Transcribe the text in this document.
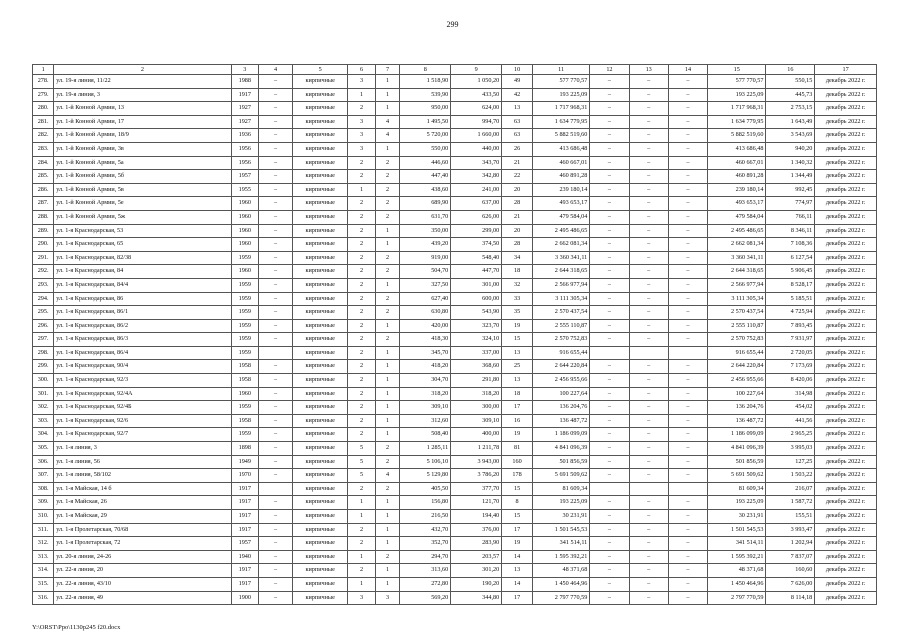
299
1	2	3	4	5	6	7	8	9	10	11	12	13	14	15	16	17
278.	ул. 19-я линия, 11/22	1988	–	кирпичные	3	1	1 518,90	1 050,20	49	577 770,57	–	–	–	577 770,57	550,15	декабрь 2022 г.
279.	ул. 19-я линия, 3	1917	–	кирпичные	1	1	539,90	433,50	42	193 225,09	–	–	–	193 225,09	445,73	декабрь 2022 г.
280.	ул. 1-й Конной Армии, 13	1927	–	кирпичные	2	1	950,00	624,00	13	1 717 968,31	–	–	–	1 717 968,31	2 753,15	декабрь 2022 г.
281.	ул. 1-й Конной Армии, 17	1927	–	кирпичные	3	4	1 495,50	994,70	63	1 634 779,95	–	–	–	1 634 779,95	1 643,49	декабрь 2022 г.
282.	ул. 1-й Конной Армии, 18/9	1936	–	кирпичные	3	4	5 720,00	1 660,00	63	5 882 519,60	–	–	–	5 882 519,60	3 543,69	декабрь 2022 г.
283.	ул. 1-й Конной Армии, 3в	1956	–	кирпичные	3	1	550,00	440,00	26	413 686,48	–	–	–	413 686,48	940,20	декабрь 2022 г.
284.	ул. 1-й Конной Армии, 5а	1956	–	кирпичные	2	2	446,60	343,70	21	460 667,01	–	–	–	460 667,01	1 340,32	декабрь 2022 г.
285.	ул. 1-й Конной Армии, 5б	1957	–	кирпичные	2	2	447,40	342,80	22	460 891,28	–	–	–	460 891,28	1 344,49	декабрь 2022 г.
286.	ул. 1-й Конной Армии, 5в	1955	–	кирпичные	1	2	438,60	241,00	20	239 180,14	–	–	–	239 180,14	992,45	декабрь 2022 г.
287.	ул. 1-й Конной Армии, 5е	1960	–	кирпичные	2	2	689,90	637,00	28	493 653,17	–	–	–	493 653,17	774,97	декабрь 2022 г.
288.	ул. 1-й Конной Армии, 5ж	1960	–	кирпичные	2	2	631,70	626,00	21	479 584,04	–	–	–	479 584,04	766,11	декабрь 2022 г.
289.	ул. 1-я Краснодарская, 53	1960	–	кирпичные	2	1	350,00	299,00	20	2 495 486,65	–	–	–	2 495 486,65	8 346,11	декабрь 2022 г.
290.	ул. 1-я Краснодарская, 65	1960	–	кирпичные	2	1	439,20	374,50	28	2 662 081,34	–	–	–	2 662 081,34	7 108,36	декабрь 2022 г.
291.	ул. 1-я Краснодарская, 82/38	1959	–	кирпичные	2	2	919,00	548,40	34	3 360 341,11	–	–	–	3 360 341,11	6 127,54	декабрь 2022 г.
292.	ул. 1-я Краснодарская, 84	1960	–	кирпичные	2	2	504,70	447,70	18	2 644 318,65	–	–	–	2 644 318,65	5 906,45	декабрь 2022 г.
293.	ул. 1-я Краснодарская, 84/4	1959	–	кирпичные	2	1	327,50	301,00	32	2 566 977,94	–	–	–	2 566 977,94	8 528,17	декабрь 2022 г.
294.	ул. 1-я Краснодарская, 86	1959	–	кирпичные	2	2	627,40	600,00	33	3 111 305,34	–	–	–	3 111 305,34	5 185,51	декабрь 2022 г.
295.	ул. 1-я Краснодарская, 86/1	1959	–	кирпичные	2	2	630,80	543,90	35	2 570 437,54	–	–	–	2 570 437,54	4 725,94	декабрь 2022 г.
296.	ул. 1-я Краснодарская, 86/2	1959	–	кирпичные	2	1	420,00	323,70	19	2 555 110,87	–	–	–	2 555 110,87	7 893,45	декабрь 2022 г.
297.	ул. 1-я Краснодарская, 86/3	1959	–	кирпичные	2	2	418,30	324,10	15	2 570 752,83	–	–	–	2 570 752,83	7 931,97	декабрь 2022 г.
298.	ул. 1-я Краснодарская, 86/4	1959		кирпичные	2	1	345,70	337,00	13	916 655,44				916 655,44	2 720,05	декабрь 2022 г.
299.	ул. 1-я Краснодарская, 90/4	1958	–	кирпичные	2	1	418,20	368,60	25	2 644 220,84	–	–	–	2 644 220,84	7 173,69	декабрь 2022 г.
300.	ул. 1-я Краснодарская, 92/3	1958	–	кирпичные	2	1	304,70	291,80	13	2 456 955,66	–	–	–	2 456 955,66	8 420,06	декабрь 2022 г.
301.	ул. 1-я Краснодарская, 92/4А	1960	–	кирпичные	2	1	318,20	318,20	18	100 227,64	–	–	–	100 227,64	314,98	декабрь 2022 г.
302.	ул. 1-я Краснодарская, 92/4Б	1959	–	кирпичные	2	1	309,10	300,00	17	136 204,76	–	–	–	136 204,76	454,02	декабрь 2022 г.
303.	ул. 1-я Краснодарская, 92/6	1958	–	кирпичные	2	1	312,60	309,10	16	136 487,72	–	–	–	136 487,72	441,56	декабрь 2022 г.
304.	ул. 1-я Краснодарская, 92/7	1959	–	кирпичные	2	1	508,40	400,00	19	1 186 099,09	–	–	–	1 186 099,09	2 965,25	декабрь 2022 г.
305.	ул. 1-я линия, 3	1898	–	кирпичные	5	2	1 285,11	1 211,78	81	4 841 096,39	–	–	–	4 841 096,39	3 995,03	декабрь 2022 г.
306.	ул. 1-я линия, 56	1949	–	кирпичные	5	2	5 106,10	3 943,00	160	501 856,59	–	–	–	501 856,59	127,25	декабрь 2022 г.
307.	ул. 1-я линия, 58/102	1970	–	кирпичные	5	4	5 129,80	3 786,20	178	5 691 509,62	–	–	–	5 691 509,62	1 503,22	декабрь 2022 г.
308.	ул. 1-я Майская, 14 б	1917		кирпичные	2	2	405,50	377,70	15	81 609,34				81 609,34	216,07	декабрь 2022 г.
309.	ул. 1-я Майская, 26	1917	–	кирпичные	1	1	156,80	121,70	8	193 225,09	–	–	–	193 225,09	1 587,72	декабрь 2022 г.
310.	ул. 1-я Майская, 29	1917	–	кирпичные	1	1	216,50	194,40	15	30 231,91	–	–	–	30 231,91	155,51	декабрь 2022 г.
311.	ул. 1-я Пролетарская, 70/68	1917	–	кирпичные	2	1	432,70	376,00	17	1 501 545,53	–	–	–	1 501 545,53	3 993,47	декабрь 2022 г.
312.	ул. 1-я Пролетарская, 72	1957	–	кирпичные	2	1	352,70	283,90	19	341 514,11	–	–	–	341 514,11	1 202,94	декабрь 2022 г.
313.	ул. 20-я линия, 24-26	1940	–	кирпичные	1	2	294,70	203,57	14	1 595 392,21	–	–	–	1 595 392,21	7 837,07	декабрь 2022 г.
314.	ул. 22-я линия, 20	1917	–	кирпичные	2	1	313,60	301,20	13	48 371,68	–	–	–	48 371,68	160,60	декабрь 2022 г.
315.	ул. 22-я линия, 43/10	1917	–	кирпичные	1	1	272,80	190,20	14	1 450 464,96	–	–	–	1 450 464,96	7 626,00	декабрь 2022 г.
316.	ул. 22-я линия, 49	1900	–	кирпичные	3	3	569,20	344,80	17	2 797 770,59	–	–	–	2 797 770,59	8 114,18	декабрь 2022 г.
Y:\ORST\Ppo\1130p245 f20.docx
